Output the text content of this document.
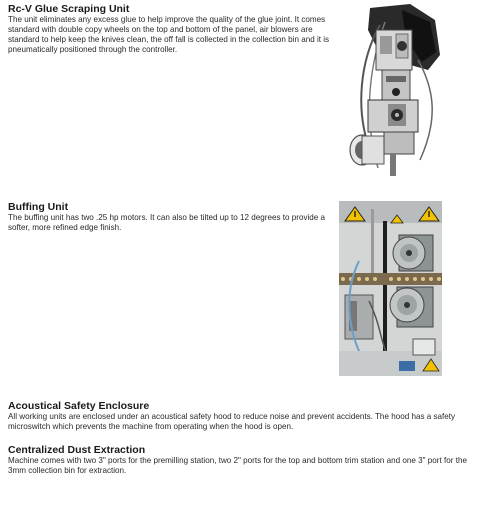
Rc-V Glue Scraping Unit

The unit eliminates any excess glue to help improve the quality of the glue joint. It comes standard with double copy wheels on the top and bottom of the panel, air blowers are standard to help keep the knives clean, the off fall is collected in the collection bin and it is pneumatically positioned through the controller.

Buffing Unit

The buffing unit has two .25 hp motors. It can also be tilted up to 12 degrees to provide a softer, more refined edge finish.

Acoustical Safety Enclosure

All working units are enclosed under an acoustical safety hood to reduce noise and prevent accidents. The hood has a safety microswitch which prevents the machine from operating when the hood is open.

Centralized Dust Extraction

Machine comes with two 3" ports for the premilling station, two 2" ports for the top and bottom trim station and one 3" port for the 3mm collection bin for extraction.
